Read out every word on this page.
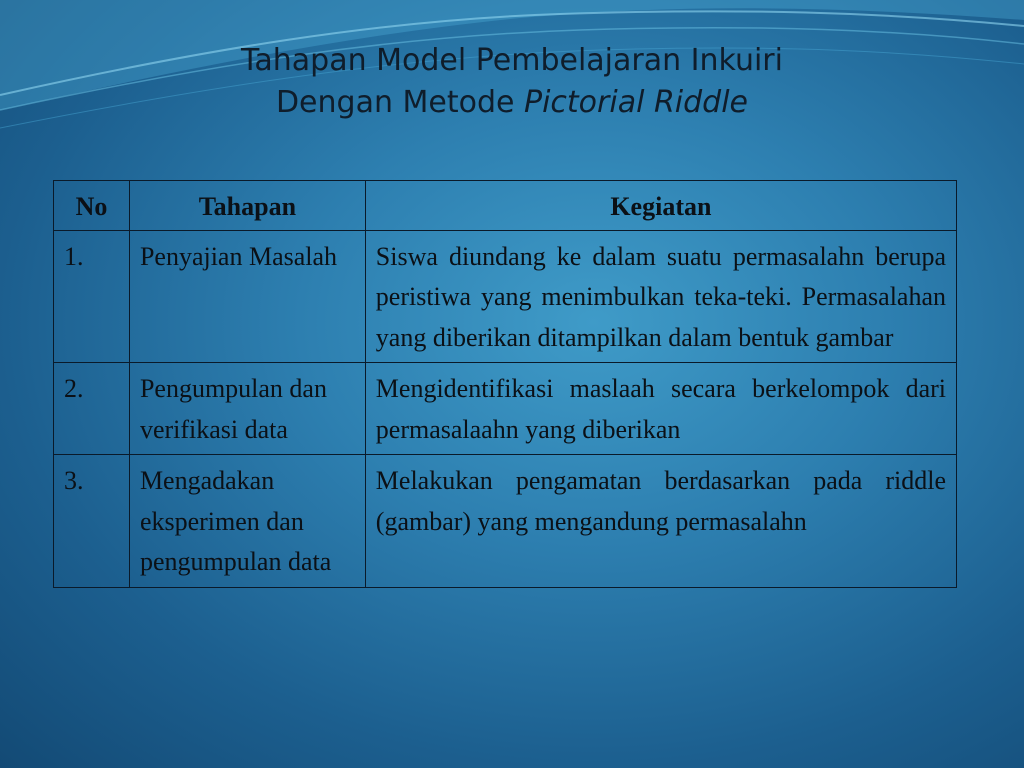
Tahapan Model Pembelajaran Inkuiri
Dengan Metode Pictorial Riddle
No	Tahapan	Kegiatan
1.	Penyajian Masalah	Siswa diundang ke dalam suatu permasalahn berupa peristiwa yang menimbulkan teka-teki. Permasalahan yang diberikan ditampilkan dalam bentuk gambar
2.	Pengumpulan dan verifikasi data	Mengidentifikasi maslaah secara berkelompok dari permasalaahn yang diberikan
3.	Mengadakan eksperimen dan pengumpulan data	Melakukan pengamatan berdasarkan pada riddle (gambar) yang mengandung permasalahn
